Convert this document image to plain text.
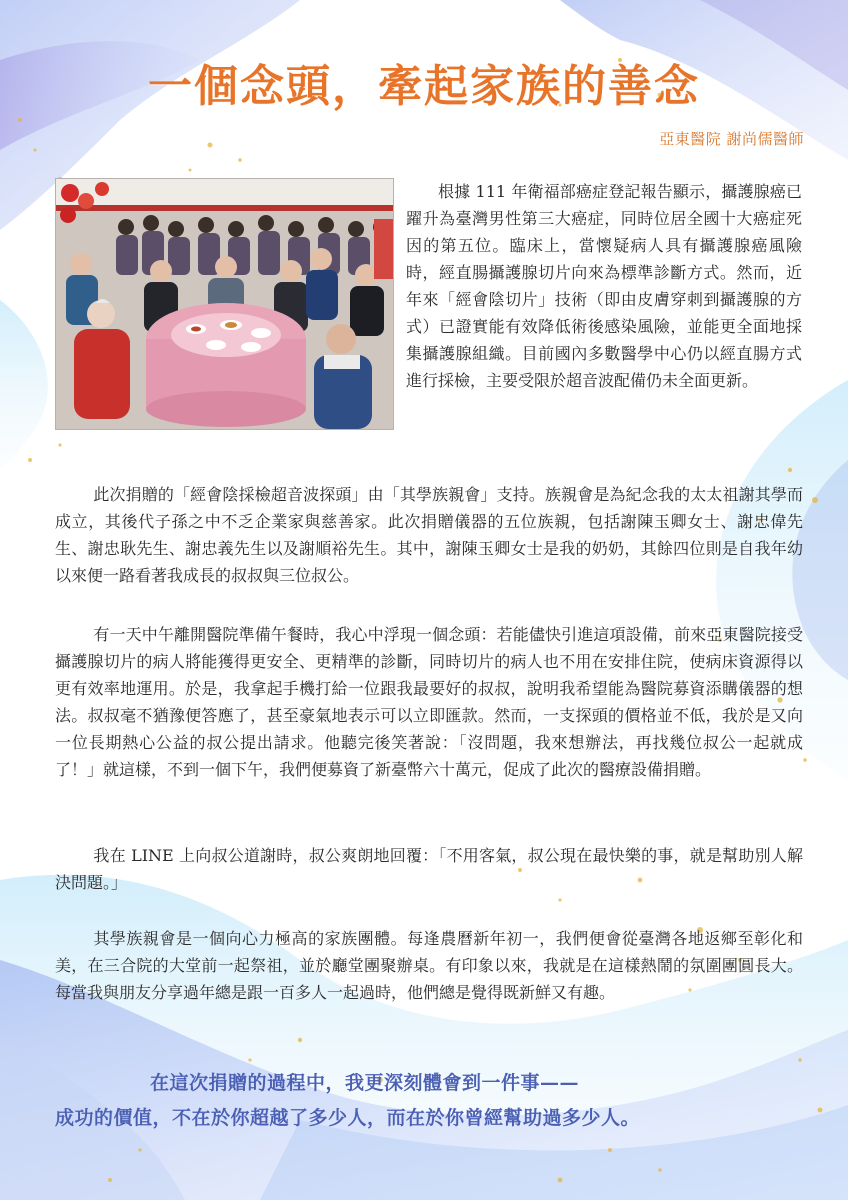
一個念頭，牽起家族的善念
亞東醫院 謝尚儒醫師

根據 111 年衛福部癌症登記報告顯示，攝護腺癌已躍升為臺灣男性第三大癌症，同時位居全國十大癌症死因的第五位。臨床上，當懷疑病人具有攝護腺癌風險時，經直腸攝護腺切片向來為標準診斷方式。然而，近年來「經會陰切片」技術（即由皮膚穿刺到攝護腺的方式）已證實能有效降低術後感染風險，並能更全面地採集攝護腺組織。目前國內多數醫學中心仍以經直腸方式進行採檢，主要受限於超音波配備仍未全面更新。

此次捐贈的「經會陰採檢超音波探頭」由「其學族親會」支持。族親會是為紀念我的太太祖謝其學而成立，其後代子孫之中不乏企業家與慈善家。此次捐贈儀器的五位族親，包括謝陳玉卿女士、謝忠偉先生、謝忠耿先生、謝忠義先生以及謝順裕先生。其中，謝陳玉卿女士是我的奶奶，其餘四位則是自我年幼以來便一路看著我成長的叔叔與三位叔公。

有一天中午離開醫院準備午餐時，我心中浮現一個念頭：若能儘快引進這項設備，前來亞東醫院接受攝護腺切片的病人將能獲得更安全、更精準的診斷，同時切片的病人也不用在安排住院，使病床資源得以更有效率地運用。於是，我拿起手機打給一位跟我最要好的叔叔，說明我希望能為醫院募資添購儀器的想法。叔叔毫不猶豫便答應了，甚至豪氣地表示可以立即匯款。然而，一支探頭的價格並不低，我於是又向一位長期熱心公益的叔公提出請求。他聽完後笑著說：「沒問題，我來想辦法，再找幾位叔公一起就成了！」就這樣，不到一個下午，我們便募資了新臺幣六十萬元，促成了此次的醫療設備捐贈。

我在 LINE 上向叔公道謝時，叔公爽朗地回覆：「不用客氣，叔公現在最快樂的事，就是幫助別人解決問題。」

其學族親會是一個向心力極高的家族團體。每逢農曆新年初一，我們便會從臺灣各地返鄉至彰化和美，在三合院的大堂前一起祭祖，並於廳堂團聚辦桌。有印象以來，我就是在這樣熱鬧的氛圍團圓長大。每當我與朋友分享過年總是跟一百多人一起過時，他們總是覺得既新鮮又有趣。

在這次捐贈的過程中，我更深刻體會到一件事——
成功的價值，不在於你超越了多少人，而在於你曾經幫助過多少人。
